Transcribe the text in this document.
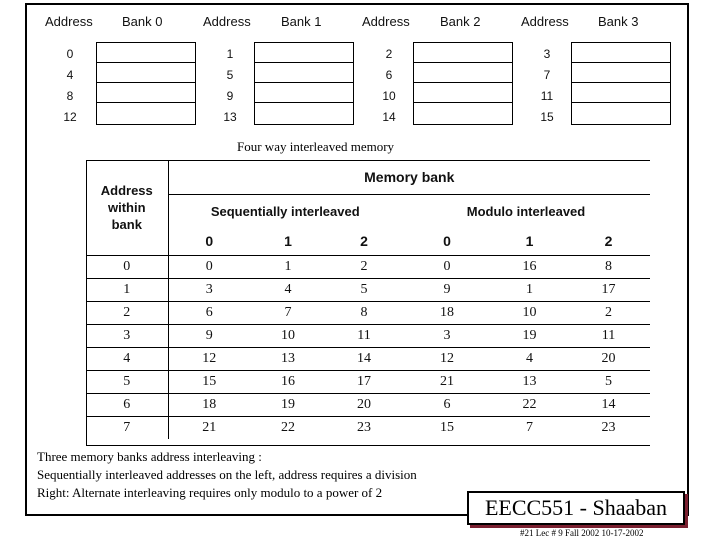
Address Bank 0
0
4
8
12
Address Bank 1
1
5
9
13
Address Bank 2
2
6
10
14
Address Bank 3
3
7
11
15
Four way interleaved memory
Address
within
bank	Memory bank					
	Sequentially interleaved			Modulo interleaved		
	0	1	2	0	1	2
0	0	1	2	0	16	8
1	3	4	5	9	1	17
2	6	7	8	18	10	2
3	9	10	11	3	19	11
4	12	13	14	12	4	20
5	15	16	17	21	13	5
6	18	19	20	6	22	14
7	21	22	23	15	7	23
Three memory banks address interleaving :
Sequentially interleaved addresses on the left, address requires a division
Right: Alternate interleaving requires only modulo to a power of 2
EECC551 - Shaaban
#21 Lec # 9 Fall 2002 10-17-2002
